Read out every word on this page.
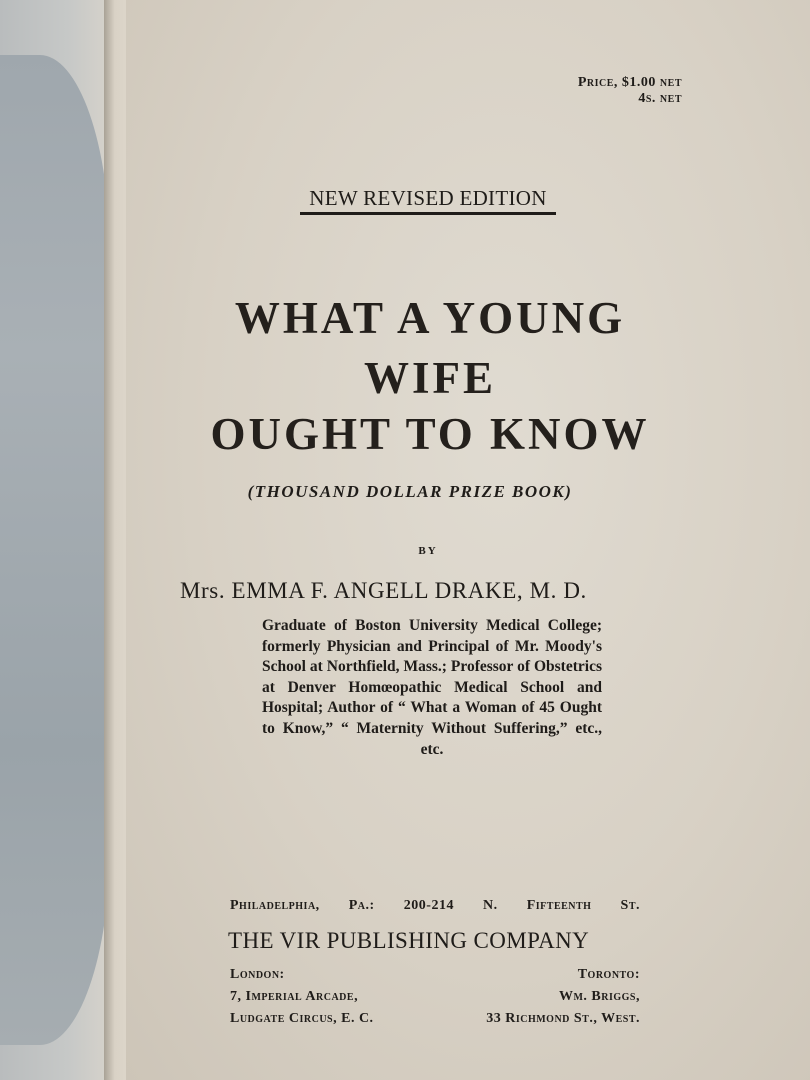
Price, $1.00 net
4s. net
NEW REVISED EDITION
WHAT A YOUNG
WIFE
OUGHT TO KNOW
(THOUSAND DOLLAR PRIZE BOOK)
BY
Mrs. EMMA F. ANGELL DRAKE, M. D.
Graduate of Boston University Medical College; formerly Physician and Principal of Mr. Moody's School at Northfield, Mass.; Professor of Obstetrics at Denver Homœopathic Medical School and Hospital; Author of “ What a Woman of 45 Ought to Know,” “ Maternity Without Suffering,” etc., etc.
Philadelphia, Pa.: 200-214 N. Fifteenth St.
THE VIR PUBLISHING COMPANY
London:	Toronto:
7, Imperial Arcade,	Wm. Briggs,
Ludgate Circus, E. C.	33 Richmond St., West.
